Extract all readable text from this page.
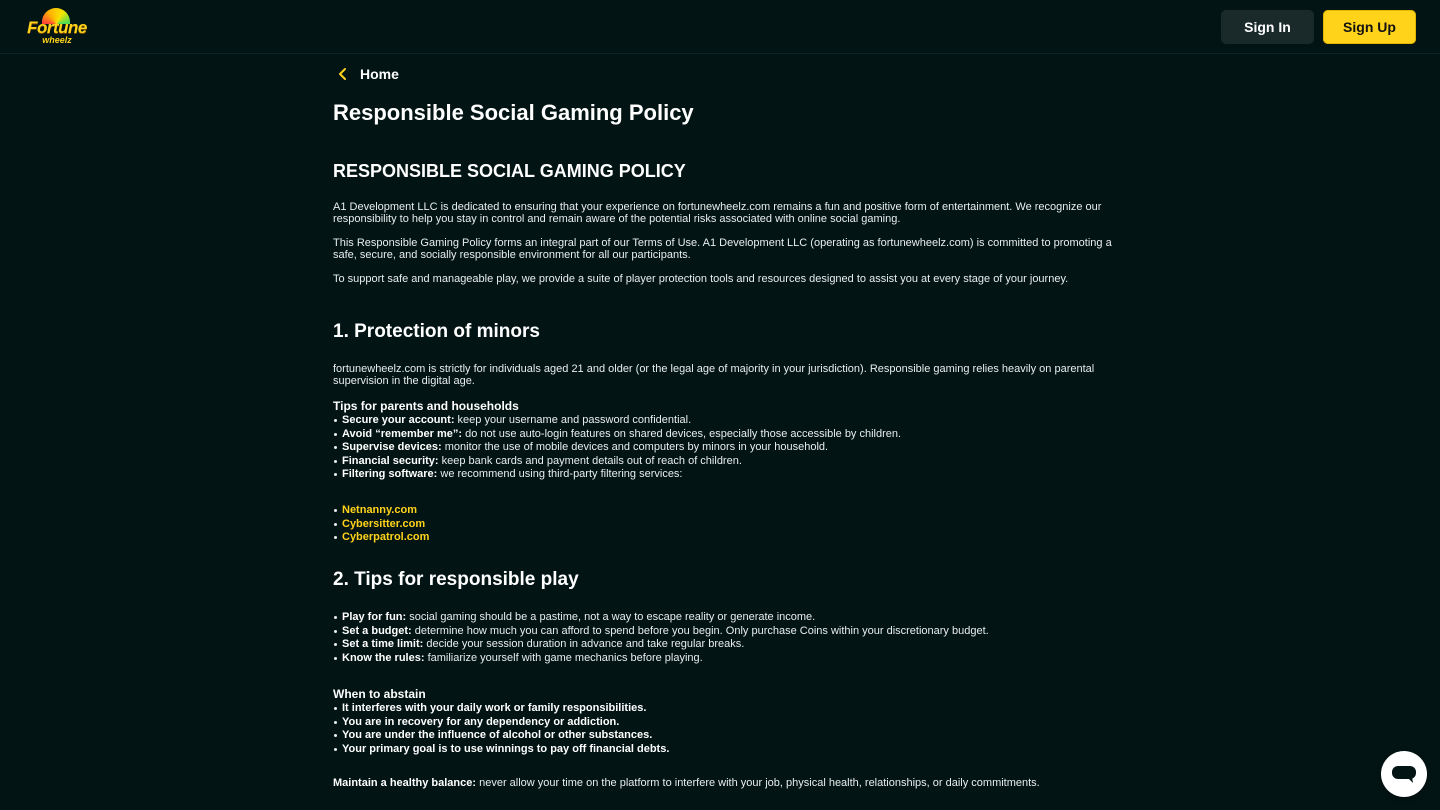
Fortune
wheelz
Sign In	Sign Up
Home
Responsible Social Gaming Policy
RESPONSIBLE SOCIAL GAMING POLICY

A1 Development LLC is dedicated to ensuring that your experience on fortunewheelz.com remains a fun and positive form of entertainment. We recognize our responsibility to help you stay in control and remain aware of the potential risks associated with online social gaming.

This Responsible Gaming Policy forms an integral part of our Terms of Use. A1 Development LLC (operating as fortunewheelz.com) is committed to promoting a safe, secure, and socially responsible environment for all our participants.

To support safe and manageable play, we provide a suite of player protection tools and resources designed to assist you at every stage of your journey.

1. Protection of minors

fortunewheelz.com is strictly for individuals aged 21 and older (or the legal age of majority in your jurisdiction). Responsible gaming relies heavily on parental supervision in the digital age.

Tips for parents and households
Secure your account: keep your username and password confidential.
Avoid “remember me”: do not use auto-login features on shared devices, especially those accessible by children.
Supervise devices: monitor the use of mobile devices and computers by minors in your household.
Financial security: keep bank cards and payment details out of reach of children.
Filtering software: we recommend using third-party filtering services:
Netnanny.com
Cybersitter.com
Cyberpatrol.com
2. Tips for responsible play
Play for fun: social gaming should be a pastime, not a way to escape reality or generate income.
Set a budget: determine how much you can afford to spend before you begin. Only purchase Coins within your discretionary budget.
Set a time limit: decide your session duration in advance and take regular breaks.
Know the rules: familiarize yourself with game mechanics before playing.
When to abstain
It interferes with your daily work or family responsibilities.
You are in recovery for any dependency or addiction.
You are under the influence of alcohol or other substances.
Your primary goal is to use winnings to pay off financial debts.

Maintain a healthy balance: never allow your time on the platform to interfere with your job, physical health, relationships, or daily commitments.
